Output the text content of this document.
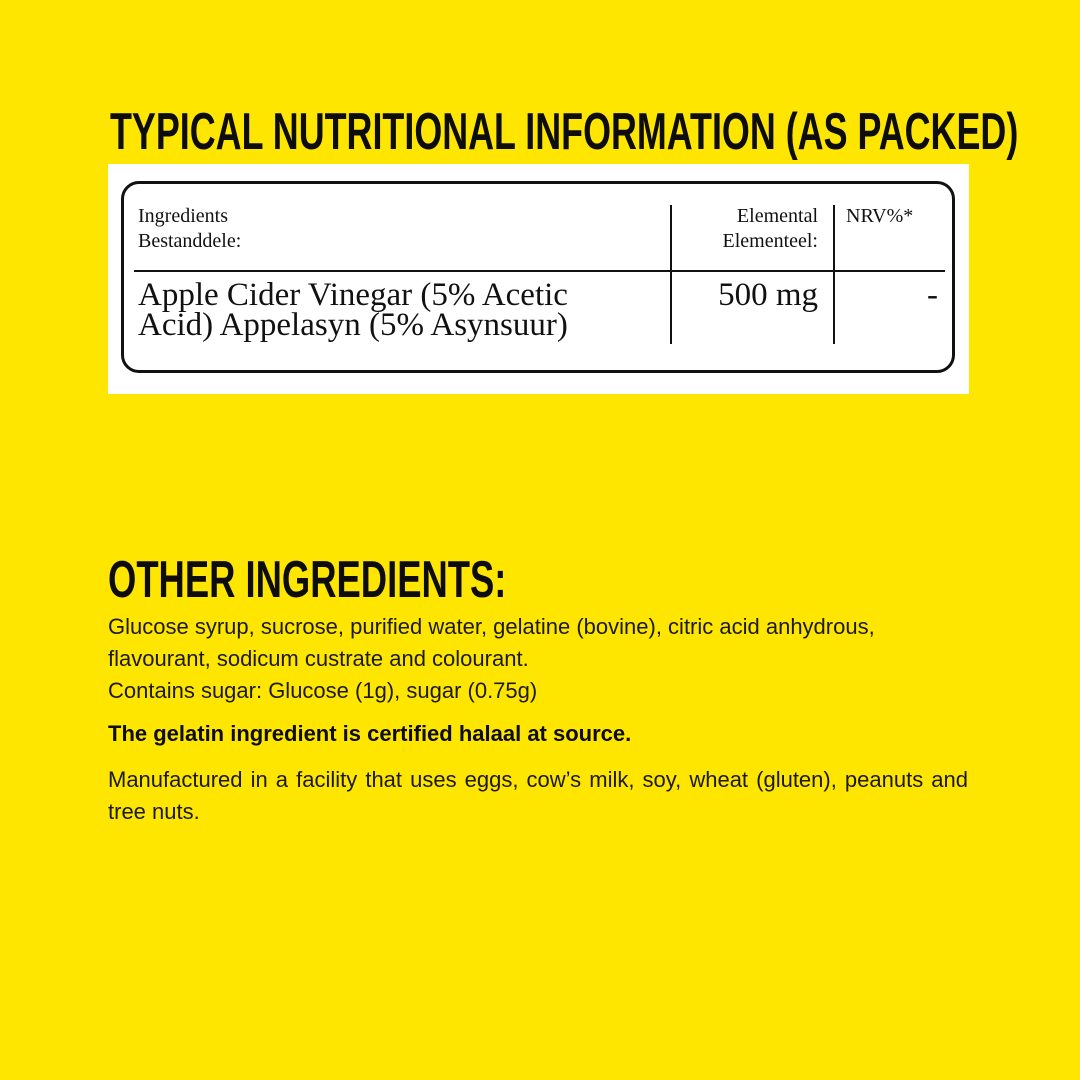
TYPICAL NUTRITIONAL INFORMATION (AS PACKED)
Ingredients
Bestanddele:
Elemental
Elementeel:
NRV%*
Apple Cider Vinegar (5% Acetic
Acid) Appelasyn (5% Asynsuur)
500 mg	-
OTHER INGREDIENTS:

Glucose syrup, sucrose, purified water, gelatine (bovine), citric acid anhydrous,
flavourant, sodicum custrate and colourant.
Contains sugar: Glucose (1g), sugar (0.75g)

The gelatin ingredient is certified halaal at source.

Manufactured in a facility that uses eggs, cow’s milk, soy, wheat (gluten), peanuts and tree nuts.
